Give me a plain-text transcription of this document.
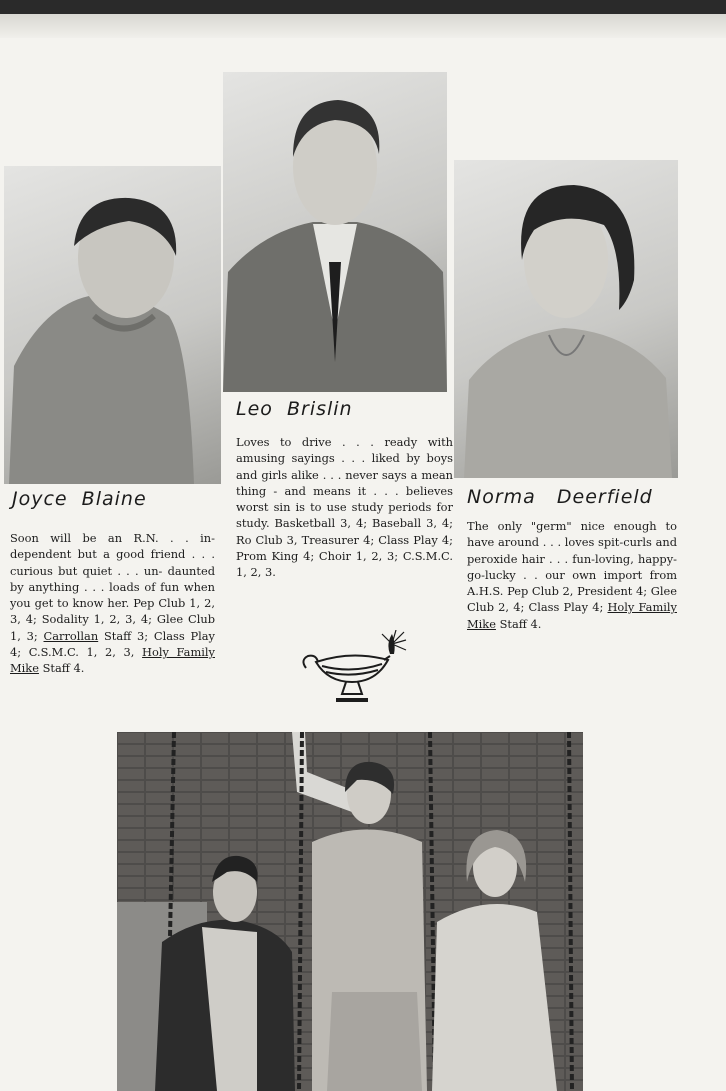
Joyce  Blaine
Leo  Brislin
Norma   Deerfield
Soon will be an R.N. . . in- dependent but a good friend . . . curious but quiet . . . un- daunted by anything . . . loads of fun when you get to know her. Pep Club 1, 2, 3, 4; Sodality 1, 2, 3, 4; Glee Club 1, 3; Carrollan Staff 3; Class Play 4; C.S.M.C. 1, 2, 3, Holy Family Mike Staff 4.
Loves to drive . . . ready with amusing sayings . . . liked by boys and girls alike . . . never says a mean thing - and means it . . . believes worst sin is to use study periods for study. Basketball 3, 4; Baseball 3, 4; Ro Club 3, Treasurer 4; Class Play 4; Prom King 4; Choir 1, 2, 3; C.S.M.C. 1, 2, 3.
The only "germ" nice enough to have around . . . loves spit-curls and peroxide hair . . . fun-loving, happy-go-lucky . . our own import from A.H.S. Pep Club 2, President 4; Glee Club 2, 4; Class Play 4; Holy Family Mike Staff 4.
